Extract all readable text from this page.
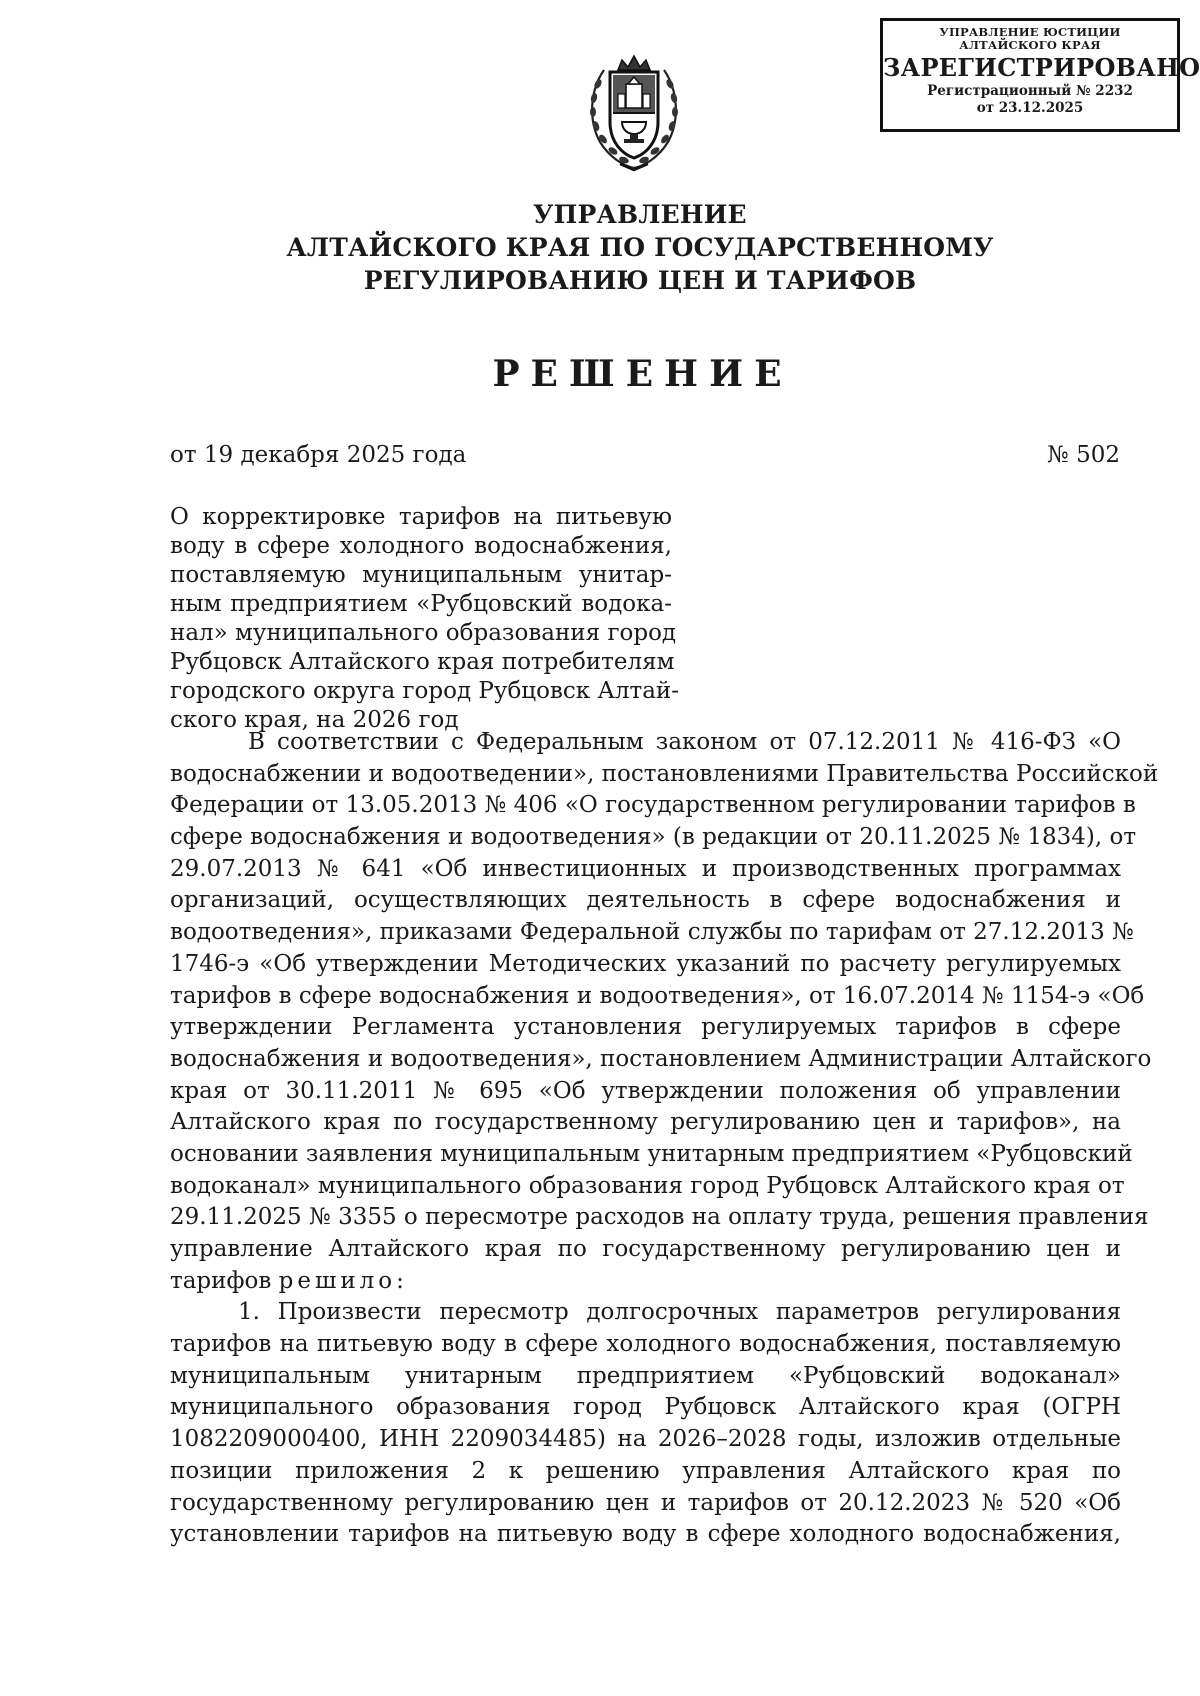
УПРАВЛЕНИЕ ЮСТИЦИИ
АЛТАЙСКОГО КРАЯ
ЗАРЕГИСТРИРОВАНО
Регистрационный № 2232
от 23.12.2025
УПРАВЛЕНИЕ
АЛТАЙСКОГО КРАЯ ПО ГОСУДАРСТВЕННОМУ
РЕГУЛИРОВАНИЮ ЦЕН И ТАРИФОВ
РЕШЕНИЕ
от 19 декабря 2025 года	№ 502
О корректировке тарифов на питьевую
воду в сфере холодного водоснабжения,
поставляемую муниципальным унитар-
ным предприятием «Рубцовский водока-
нал» муниципального образования город
Рубцовск Алтайского края потребителям
городского округа город Рубцовск Алтай-
ского края, на 2026 год
В соответствии с Федеральным законом от 07.12.2011 № 416-ФЗ «О
водоснабжении и водоотведении», постановлениями Правительства Российской
Федерации от 13.05.2013 № 406 «О государственном регулировании тарифов в
сфере водоснабжения и водоотведения» (в редакции от 20.11.2025 № 1834), от
29.07.2013 № 641 «Об инвестиционных и производственных программах
организаций, осуществляющих деятельность в сфере водоснабжения и
водоотведения», приказами Федеральной службы по тарифам от 27.12.2013 №
1746-э «Об утверждении Методических указаний по расчету регулируемых
тарифов в сфере водоснабжения и водоотведения», от 16.07.2014 № 1154-э «Об
утверждении Регламента установления регулируемых тарифов в сфере
водоснабжения и водоотведения», постановлением Администрации Алтайского
края от 30.11.2011 № 695 «Об утверждении положения об управлении
Алтайского края по государственному регулированию цен и тарифов», на
основании заявления муниципальным унитарным предприятием «Рубцовский
водоканал» муниципального образования город Рубцовск Алтайского края от
29.11.2025 № 3355 о пересмотре расходов на оплату труда, решения правления
управление Алтайского края по государственному регулированию цен и
тарифов решило:
1. Произвести пересмотр долгосрочных параметров регулирования
тарифов на питьевую воду в сфере холодного водоснабжения, поставляемую
муниципальным унитарным предприятием «Рубцовский водоканал»
муниципального образования город Рубцовск Алтайского края (ОГРН
1082209000400, ИНН 2209034485) на 2026–2028 годы, изложив отдельные
позиции приложения 2 к решению управления Алтайского края по
государственному регулированию цен и тарифов от 20.12.2023 № 520 «Об
установлении тарифов на питьевую воду в сфере холодного водоснабжения,
